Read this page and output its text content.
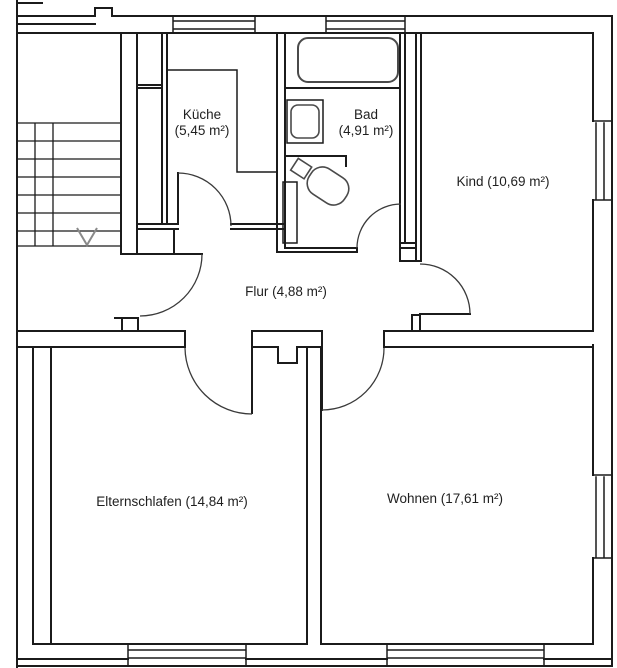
Küche
(5,45 m²)
Bad
(4,91 m²)
Kind (10,69 m²)
Flur (4,88 m²)
Elternschlafen (14,84 m²)	Wohnen (17,61 m²)
